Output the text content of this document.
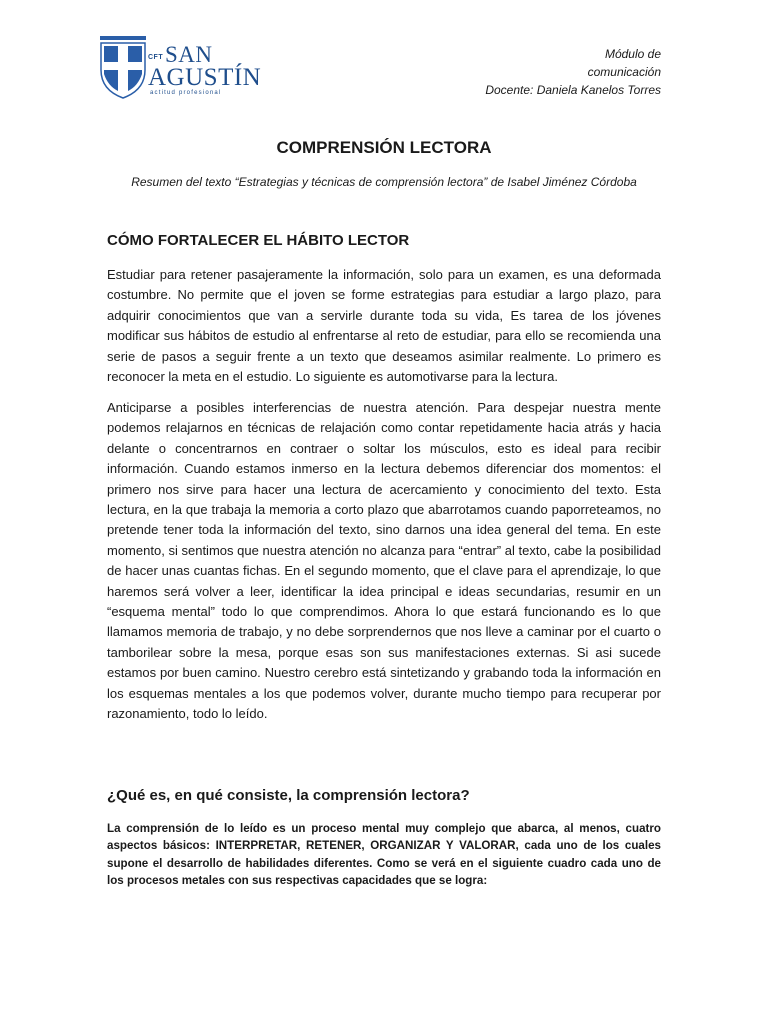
CFT SAN
AGUSTÍN
actitud profesional
Módulo de
comunicación
Docente: Daniela Kanelos Torres
COMPRENSIÓN LECTORA
Resumen del texto “Estrategias y técnicas de comprensión lectora” de Isabel Jiménez Córdoba
CÓMO FORTALECER EL HÁBITO LECTOR

Estudiar para retener pasajeramente la información, solo para un examen, es una deformada costumbre. No permite que el joven se forme estrategias para estudiar a largo plazo, para adquirir conocimientos que van a servirle durante toda su vida, Es tarea de los jóvenes modificar sus hábitos de estudio al enfrentarse al reto de estudiar, para ello se recomienda una serie de pasos a seguir frente a un texto que deseamos asimilar realmente. Lo primero es reconocer la meta en el estudio. Lo siguiente es automotivarse para la lectura.

Anticiparse a posibles interferencias de nuestra atención. Para despejar nuestra mente podemos relajarnos en técnicas de relajación como contar repetidamente hacia atrás y hacia delante o concentrarnos en contraer o soltar los músculos, esto es ideal para recibir información. Cuando estamos inmerso en la lectura debemos diferenciar dos momentos: el primero nos sirve para hacer una lectura de acercamiento y conocimiento del texto. Esta lectura, en la que trabaja la memoria a corto plazo que abarrotamos cuando paporreteamos, no pretende tener toda la información del texto, sino darnos una idea general del tema. En este momento, si sentimos que nuestra atención no alcanza para “entrar” al texto, cabe la posibilidad de hacer unas cuantas fichas. En el segundo momento, que el clave para el aprendizaje, lo que haremos será volver a leer, identificar la idea principal e ideas secundarias, resumir en un “esquema mental” todo lo que comprendimos. Ahora lo que estará funcionando es lo que llamamos memoria de trabajo, y no debe sorprendernos que nos lleve a caminar por el cuarto o tamborilear sobre la mesa, porque esas son sus manifestaciones externas. Si asi sucede estamos por buen camino. Nuestro cerebro está sintetizando y grabando toda la información en los esquemas mentales a los que podemos volver, durante mucho tiempo para recuperar por razonamiento, todo lo leído.

¿Qué es, en qué consiste, la comprensión lectora?

La comprensión de lo leído es un proceso mental muy complejo que abarca, al menos, cuatro aspectos básicos: INTERPRETAR, RETENER, ORGANIZAR Y VALORAR, cada uno de los cuales supone el desarrollo de habilidades diferentes. Como se verá en el siguiente cuadro cada uno de los procesos metales con sus respectivas capacidades que se logra:
